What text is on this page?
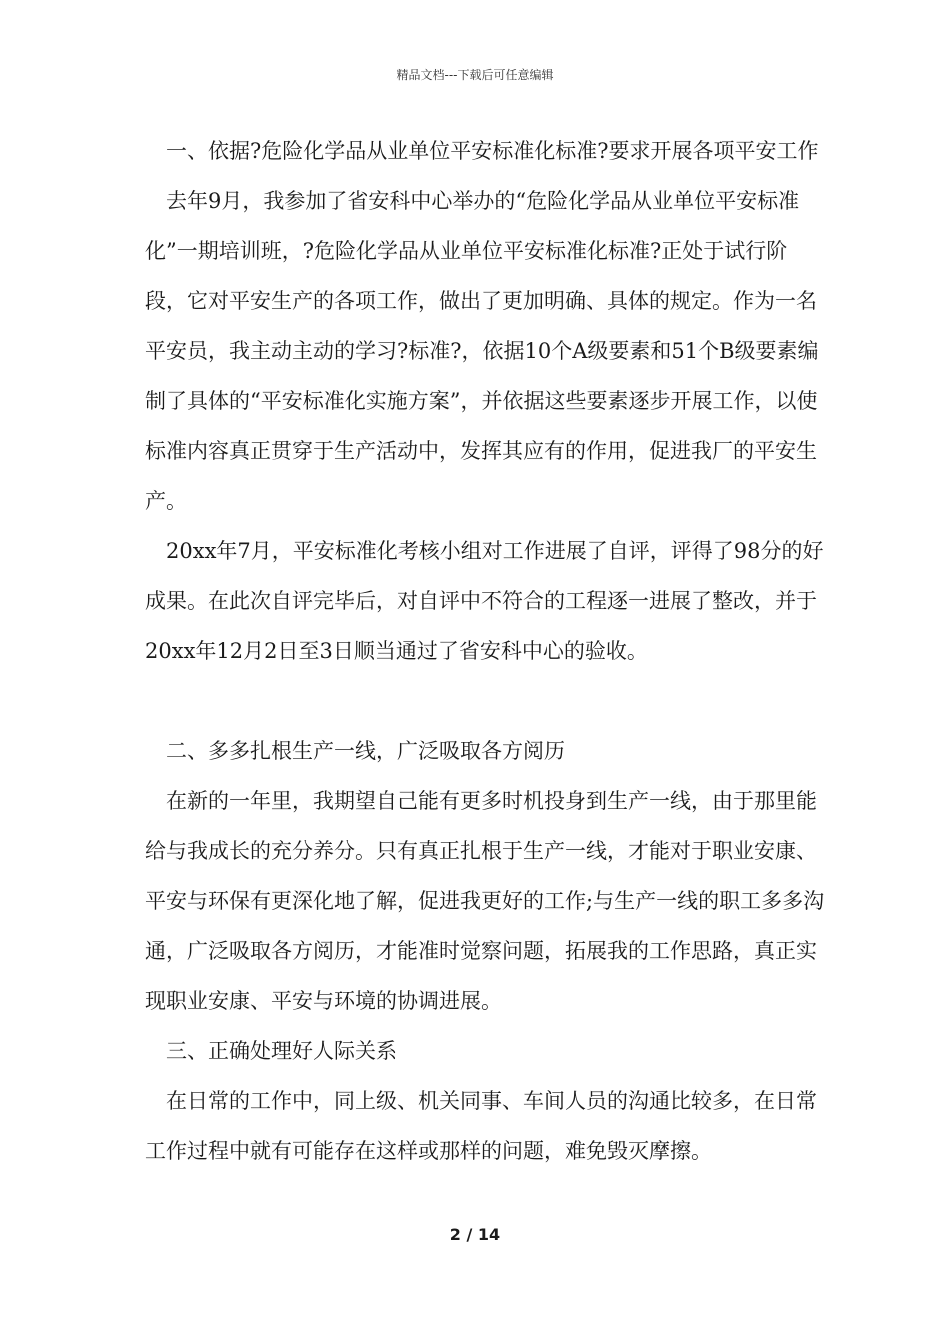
精品文档---下载后可任意编辑

一、依据?危险化学品从业单位平安标准化标准?要求开展各项平安工作

去年9月，我参加了省安科中心举办的“危险化学品从业单位平安标准化”一期培训班，?危险化学品从业单位平安标准化标准?正处于试行阶段，它对平安生产的各项工作，做出了更加明确、具体的规定。作为一名平安员，我主动主动的学习?标准?，依据10个A级要素和51个B级要素编制了具体的“平安标准化实施方案”，并依据这些要素逐步开展工作，以使标准内容真正贯穿于生产活动中，发挥其应有的作用，促进我厂的平安生产。

20xx年7月，平安标准化考核小组对工作进展了自评，评得了98分的好成果。在此次自评完毕后，对自评中不符合的工程逐一进展了整改，并于20xx年12月2日至3日顺当通过了省安科中心的验收。

二、多多扎根生产一线，广泛吸取各方阅历

在新的一年里，我期望自己能有更多时机投身到生产一线，由于那里能给与我成长的充分养分。只有真正扎根于生产一线，才能对于职业安康、平安与环保有更深化地了解，促进我更好的工作;与生产一线的职工多多沟通，广泛吸取各方阅历，才能准时觉察问题，拓展我的工作思路，真正实现职业安康、平安与环境的协调进展。

三、正确处理好人际关系

在日常的工作中，同上级、机关同事、车间人员的沟通比较多，在日常工作过程中就有可能存在这样或那样的问题，难免毁灭摩擦。

2 / 14
